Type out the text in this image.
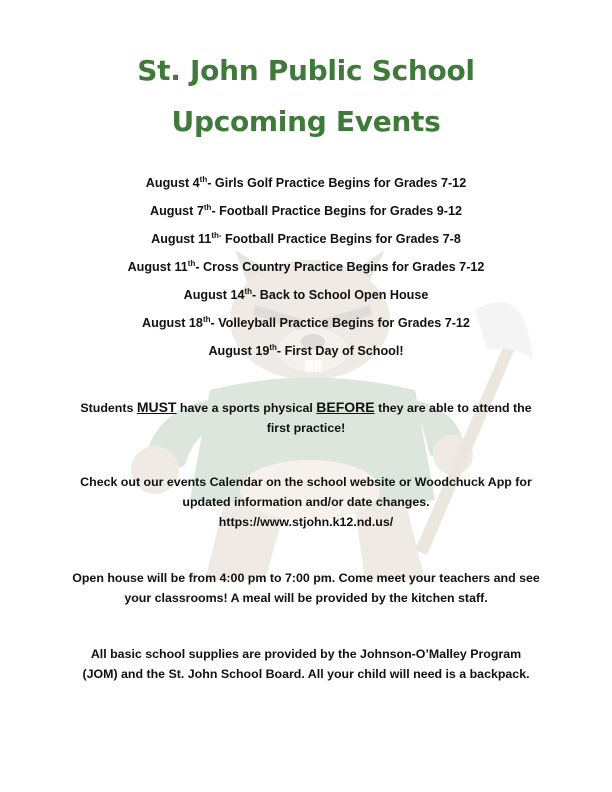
St. John Public School
Upcoming Events
August 4th- Girls Golf Practice Begins for Grades 7-12
August 7th- Football Practice Begins for Grades 9-12
August $11^{th-}$ Football Practice Begins for Grades 7-8
August 11th- Cross Country Practice Begins for Grades 7-12
August 14th- Back to School Open House
August 18th- Volleyball Practice Begins for Grades 7-12
August 19th- First Day of School!

Students MUST have a sports physical BEFORE they are able to attend the first practice!

Check out our events Calendar on the school website or Woodchuck App for updated information and/or date changes.
https://www.stjohn.k12.nd.us/

Open house will be from 4:00 pm to 7:00 pm. Come meet your teachers and see your classrooms! A meal will be provided by the kitchen staff.

All basic school supplies are provided by the Johnson-O’Malley Program (JOM) and the St. John School Board. All your child will need is a backpack.
